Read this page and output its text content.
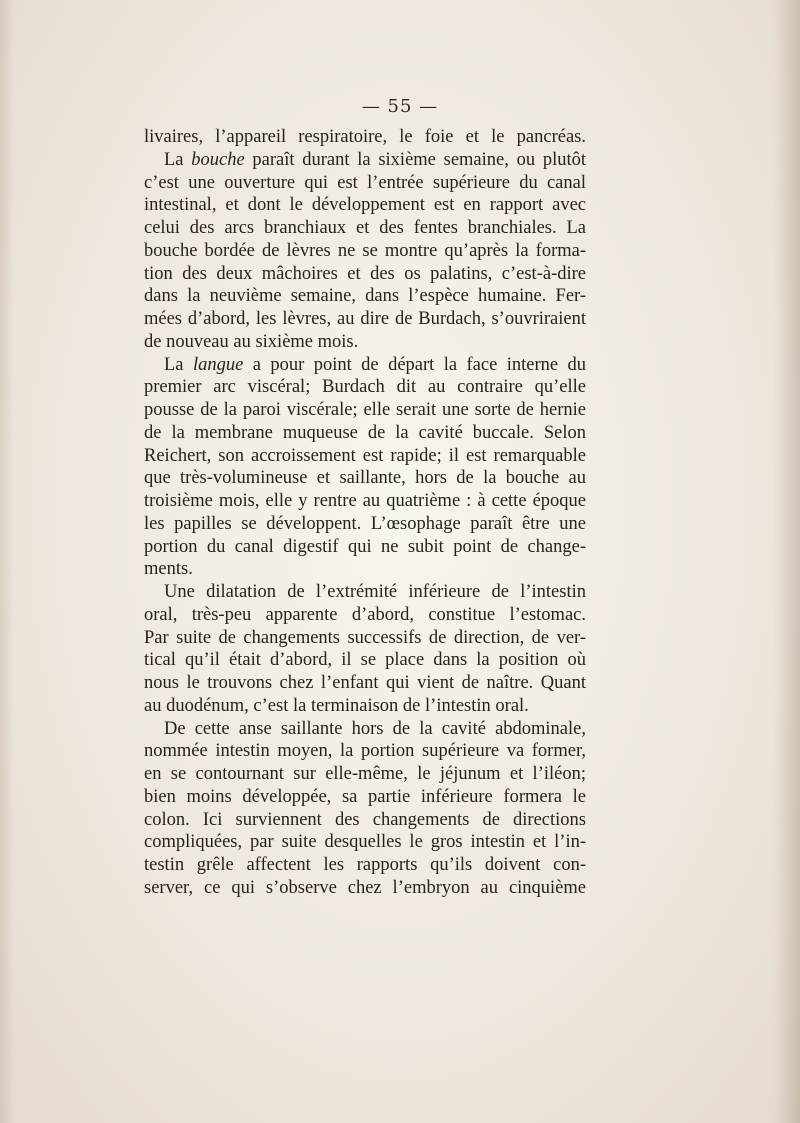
— 55 —
livaires, l’appareil respiratoire, le foie et le pancréas.
La bouche paraît durant la sixième semaine, ou plutôt
c’est une ouverture qui est l’entrée supérieure du canal
intestinal, et dont le développement est en rapport avec
celui des arcs branchiaux et des fentes branchiales. La
bouche bordée de lèvres ne se montre qu’après la forma-
tion des deux mâchoires et des os palatins, c’est-à-dire
dans la neuvième semaine, dans l’espèce humaine. Fer-
mées d’abord, les lèvres, au dire de Burdach, s’ouvriraient
de nouveau au sixième mois.
La langue a pour point de départ la face interne du
premier arc viscéral; Burdach dit au contraire qu’elle
pousse de la paroi viscérale; elle serait une sorte de hernie
de la membrane muqueuse de la cavité buccale. Selon
Reichert, son accroissement est rapide; il est remarquable
que très-volumineuse et saillante, hors de la bouche au
troisième mois, elle y rentre au quatrième : à cette époque
les papilles se développent. L’œsophage paraît être une
portion du canal digestif qui ne subit point de change-
ments.
Une dilatation de l’extrémité inférieure de l’intestin
oral, très-peu apparente d’abord, constitue l’estomac.
Par suite de changements successifs de direction, de ver-
tical qu’il était d’abord, il se place dans la position où
nous le trouvons chez l’enfant qui vient de naître. Quant
au duodénum, c’est la terminaison de l’intestin oral.
De cette anse saillante hors de la cavité abdominale,
nommée intestin moyen, la portion supérieure va former,
en se contournant sur elle-même, le jéjunum et l’iléon;
bien moins développée, sa partie inférieure formera le
colon. Ici surviennent des changements de directions
compliquées, par suite desquelles le gros intestin et l’in-
testin grêle affectent les rapports qu’ils doivent con-
server, ce qui s’observe chez l’embryon au cinquième
